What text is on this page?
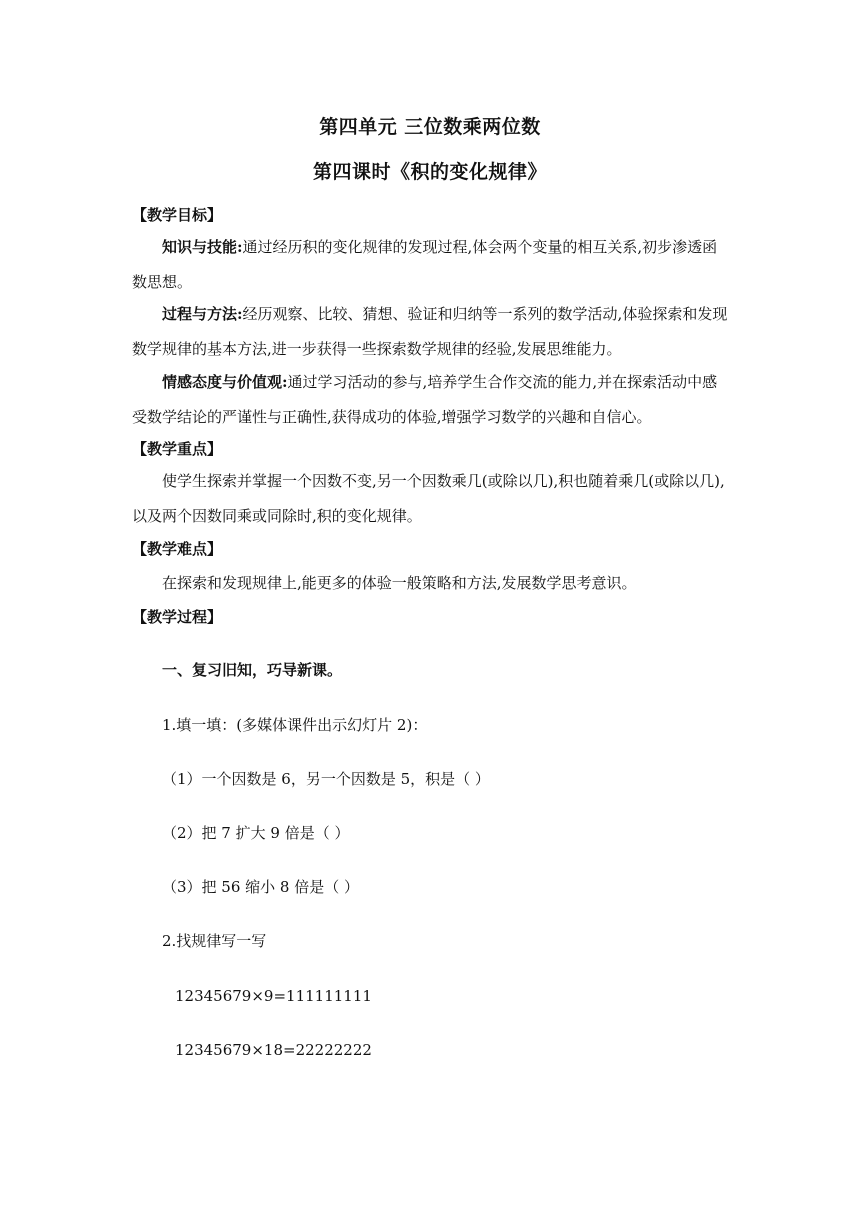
第四单元 三位数乘两位数
第四课时《积的变化规律》
【教学目标】
知识与技能:通过经历积的变化规律的发现过程,体会两个变量的相互关系,初步渗透函数思想。
过程与方法:经历观察、比较、猜想、验证和归纳等一系列的数学活动,体验探索和发现数学规律的基本方法,进一步获得一些探索数学规律的经验,发展思维能力。
情感态度与价值观:通过学习活动的参与,培养学生合作交流的能力,并在探索活动中感受数学结论的严谨性与正确性,获得成功的体验,增强学习数学的兴趣和自信心。
【教学重点】
使学生探索并掌握一个因数不变,另一个因数乘几(或除以几),积也随着乘几(或除以几),以及两个因数同乘或同除时,积的变化规律。
【教学难点】
在探索和发现规律上,能更多的体验一般策略和方法,发展数学思考意识。
【教学过程】
一、复习旧知，巧导新课。
1.填一填：(多媒体课件出示幻灯片 2)：
（1）一个因数是 6，另一个因数是 5，积是（ ）
（2）把 7 扩大 9 倍是（ ）
（3）把 56 缩小 8 倍是（ ）
2.找规律写一写
12345679×9=111111111
12345679×18=22222222
